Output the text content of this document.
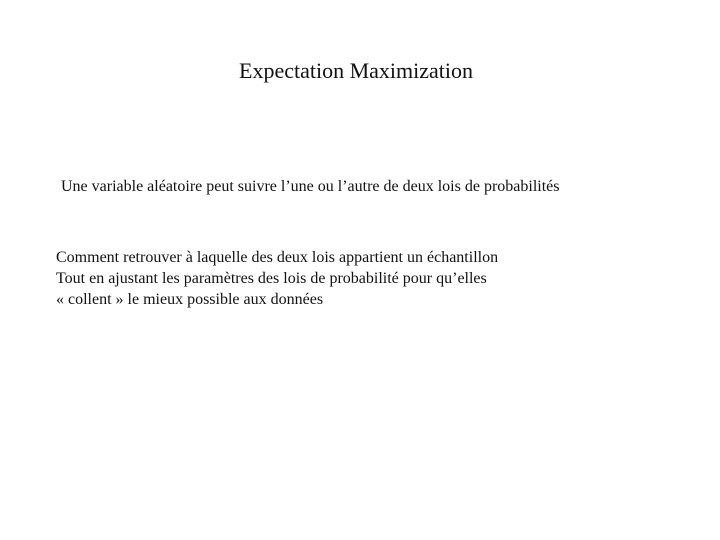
Expectation Maximization
Une variable aléatoire peut suivre l’une ou l’autre de deux lois de probabilités
Comment retrouver à laquelle des deux lois appartient un échantillon
Tout en ajustant les paramètres des lois de probabilité pour qu’elles
« collent » le mieux possible aux données
